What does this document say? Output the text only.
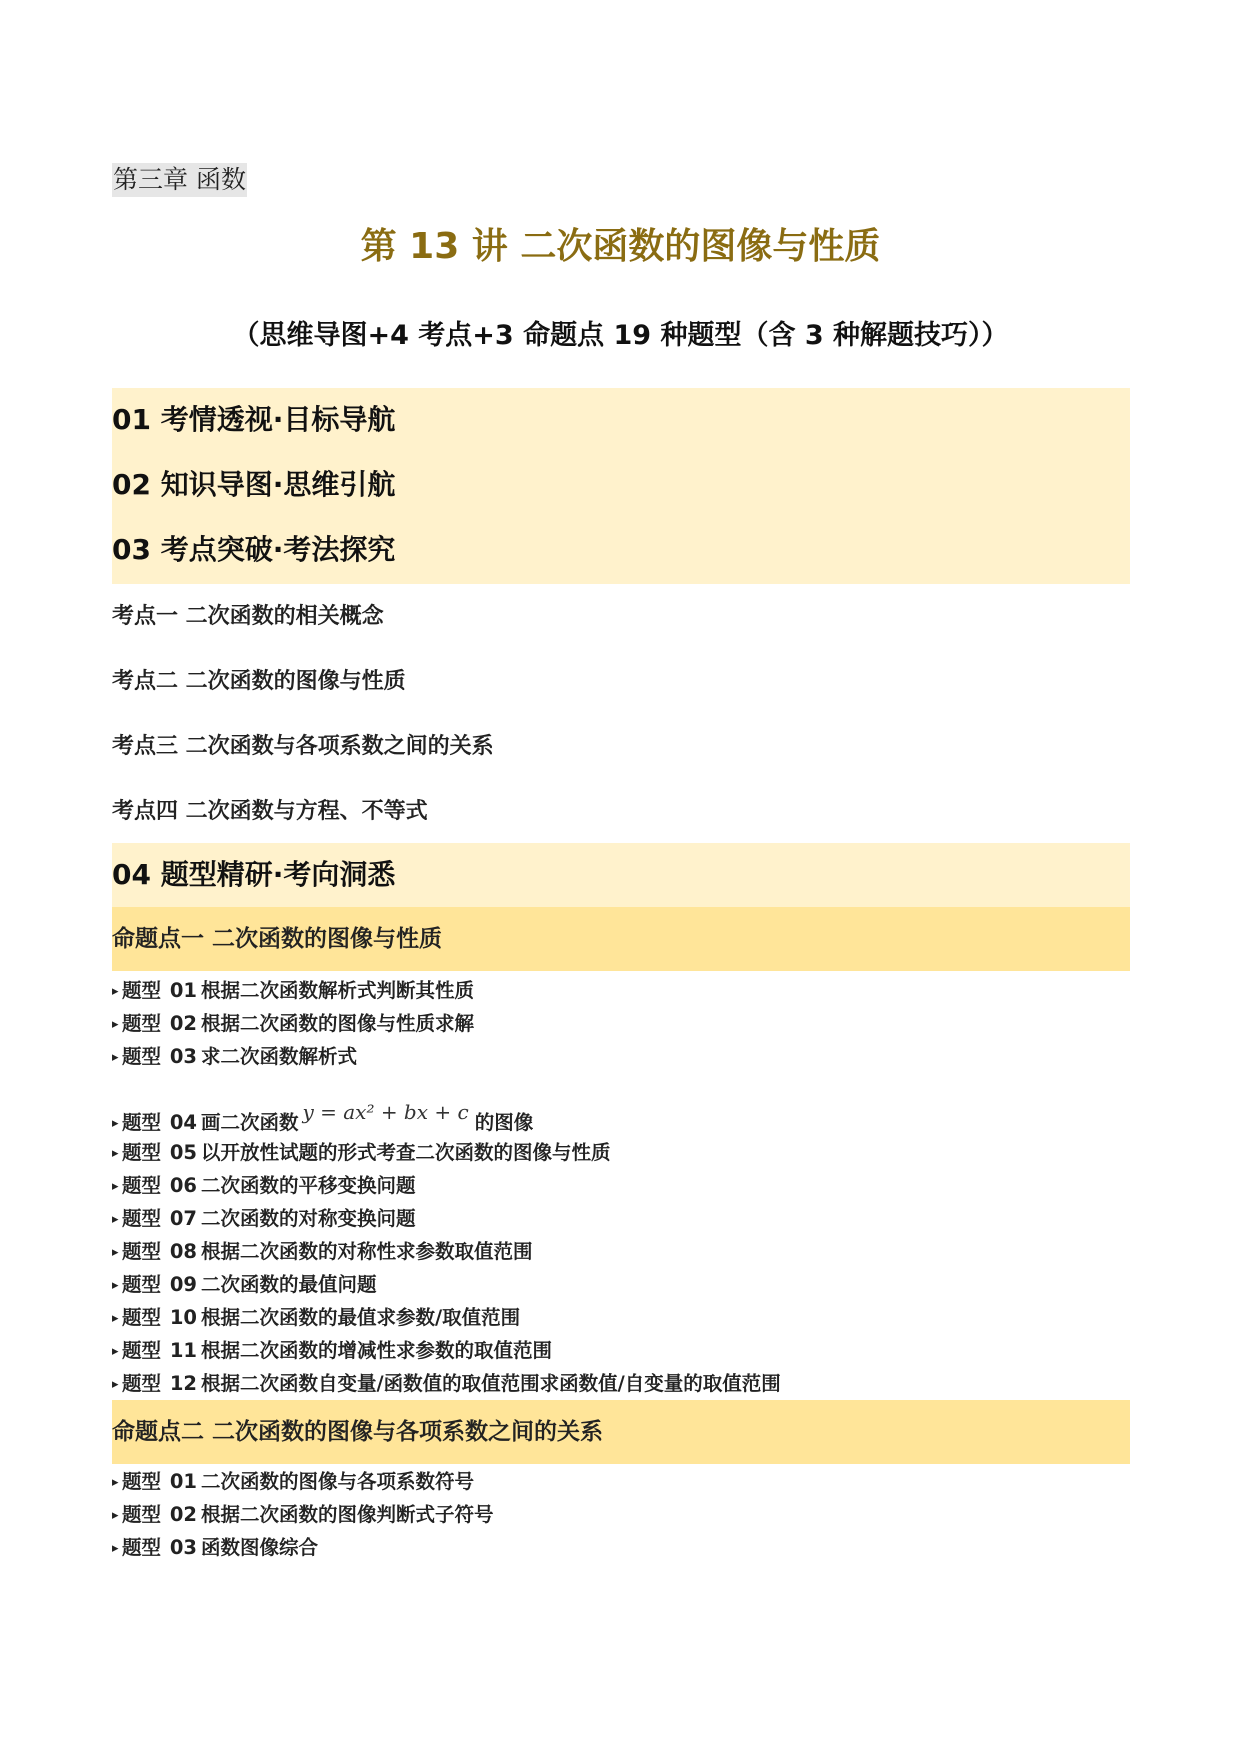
第三章 函数
第 13 讲 二次函数的图像与性质
（思维导图+4 考点+3 命题点 19 种题型（含 3 种解题技巧））
01 考情透视·目标导航
02 知识导图·思维引航
03 考点突破·考法探究
考点一 二次函数的相关概念
考点二 二次函数的图像与性质
考点三 二次函数与各项系数之间的关系
考点四 二次函数与方程、不等式
04 题型精研·考向洞悉
命题点一 二次函数的图像与性质
▸ 题型 01 根据二次函数解析式判断其性质
▸ 题型 02 根据二次函数的图像与性质求解
▸ 题型 03 求二次函数解析式
▸ 题型 04 画二次函数 y = ax² + bx + c 的图像
▸ 题型 05 以开放性试题的形式考查二次函数的图像与性质
▸ 题型 06 二次函数的平移变换问题
▸ 题型 07 二次函数的对称变换问题
▸ 题型 08 根据二次函数的对称性求参数取值范围
▸ 题型 09 二次函数的最值问题
▸ 题型 10 根据二次函数的最值求参数/取值范围
▸ 题型 11 根据二次函数的增减性求参数的取值范围
▸ 题型 12 根据二次函数自变量/函数值的取值范围求函数值/自变量的取值范围
命题点二 二次函数的图像与各项系数之间的关系
▸ 题型 01 二次函数的图像与各项系数符号
▸ 题型 02 根据二次函数的图像判断式子符号
▸ 题型 03 函数图像综合
